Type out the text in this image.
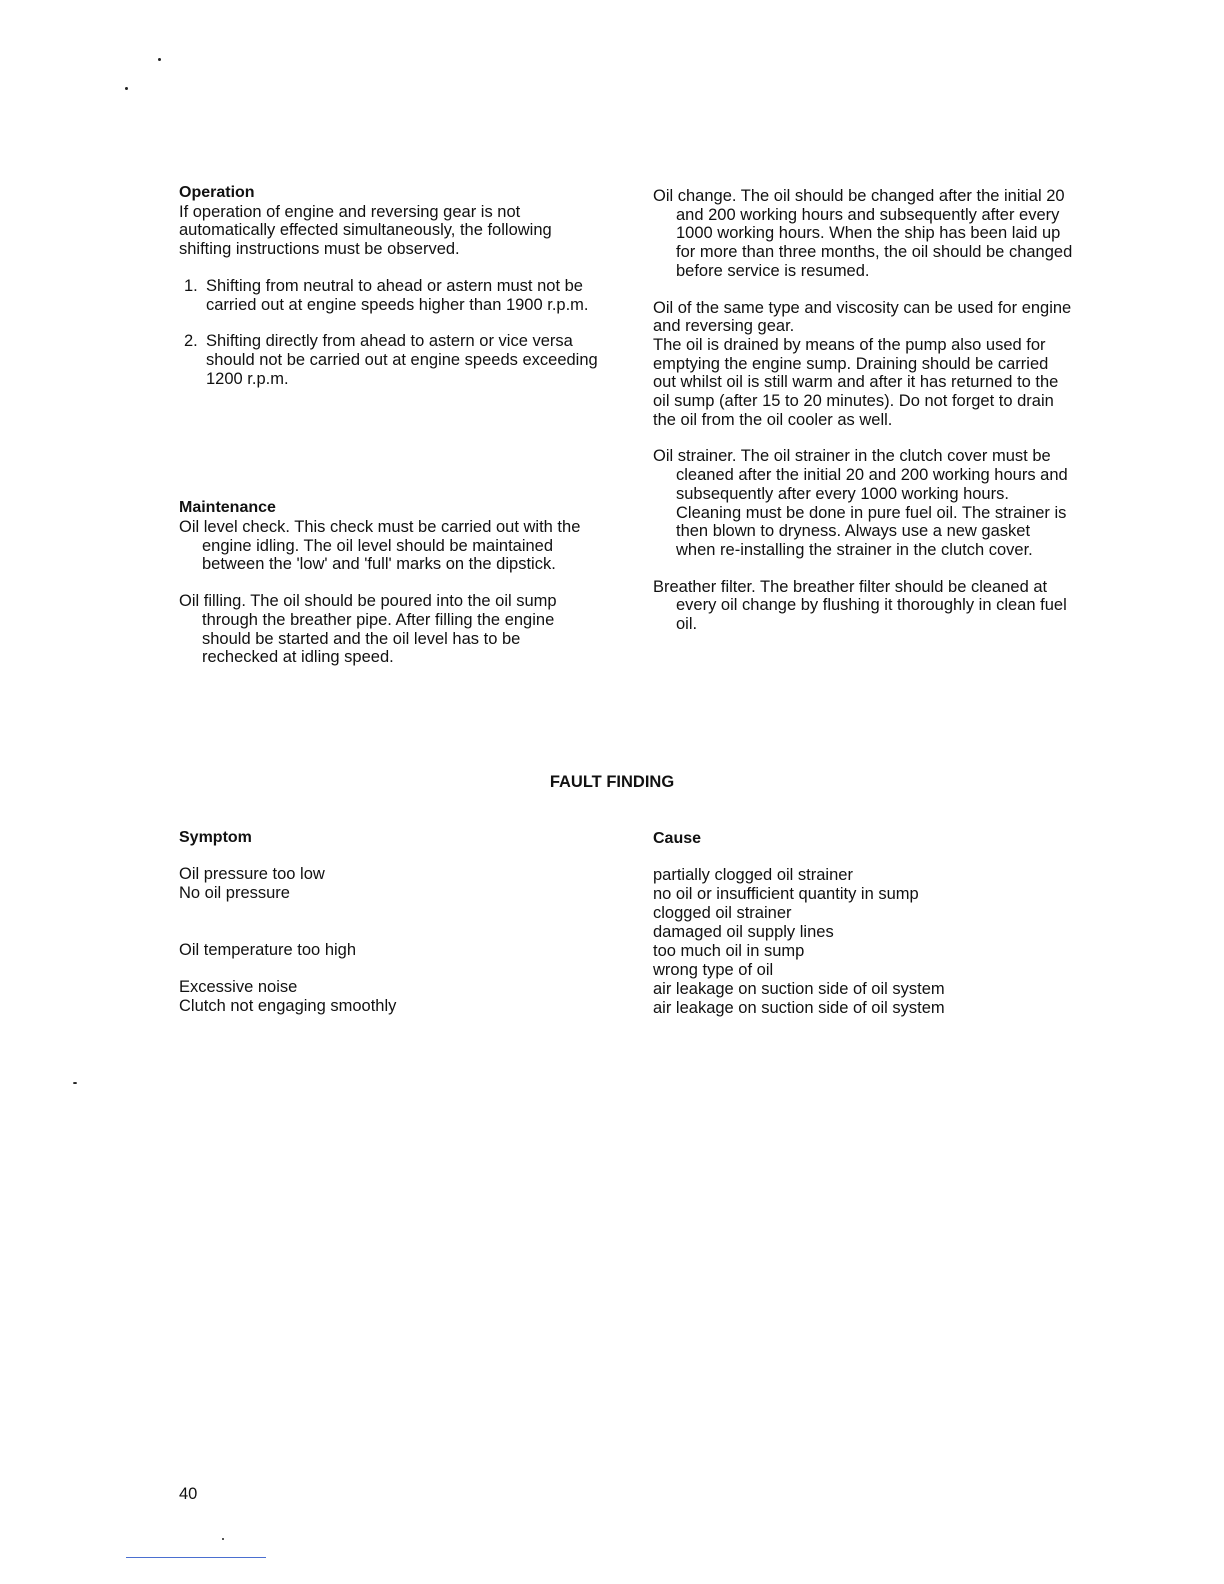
Operation

If operation of engine and reversing gear is not automatically effected simultaneously, the following shifting instructions must be observed.

1. Shifting from neutral to ahead or astern must not be carried out at engine speeds higher than 1900 r.p.m.
2. Shifting directly from ahead to astern or vice versa should not be carried out at engine speeds exceeding 1200 r.p.m.
Maintenance

Oil level check. This check must be carried out with the engine idling. The oil level should be maintained between the 'low' and 'full' marks on the dipstick.

Oil filling. The oil should be poured into the oil sump through the breather pipe. After filling the engine should be started and the oil level has to be rechecked at idling speed.

Oil change. The oil should be changed after the initial 20 and 200 working hours and subsequently after every 1000 working hours. When the ship has been laid up for more than three months, the oil should be changed before service is resumed.

Oil of the same type and viscosity can be used for engine and reversing gear.

The oil is drained by means of the pump also used for emptying the engine sump. Draining should be carried out whilst oil is still warm and after it has returned to the oil sump (after 15 to 20 minutes). Do not forget to drain the oil from the oil cooler as well.

Oil strainer. The oil strainer in the clutch cover must be cleaned after the initial 20 and 200 working hours and subsequently after every 1000 working hours.

Cleaning must be done in pure fuel oil. The strainer is then blown to dryness. Always use a new gasket when re-installing the strainer in the clutch cover.

Breather filter. The breather filter should be cleaned at every oil change by flushing it thoroughly in clean fuel oil.

FAULT FINDING
Symptom
Oil pressure too low
No oil pressure
Oil temperature too high
Excessive noise
Clutch not engaging smoothly
Cause
partially clogged oil strainer
no oil or insufficient quantity in sump
clogged oil strainer
damaged oil supply lines
too much oil in sump
wrong type of oil
air leakage on suction side of oil system
air leakage on suction side of oil system
40
